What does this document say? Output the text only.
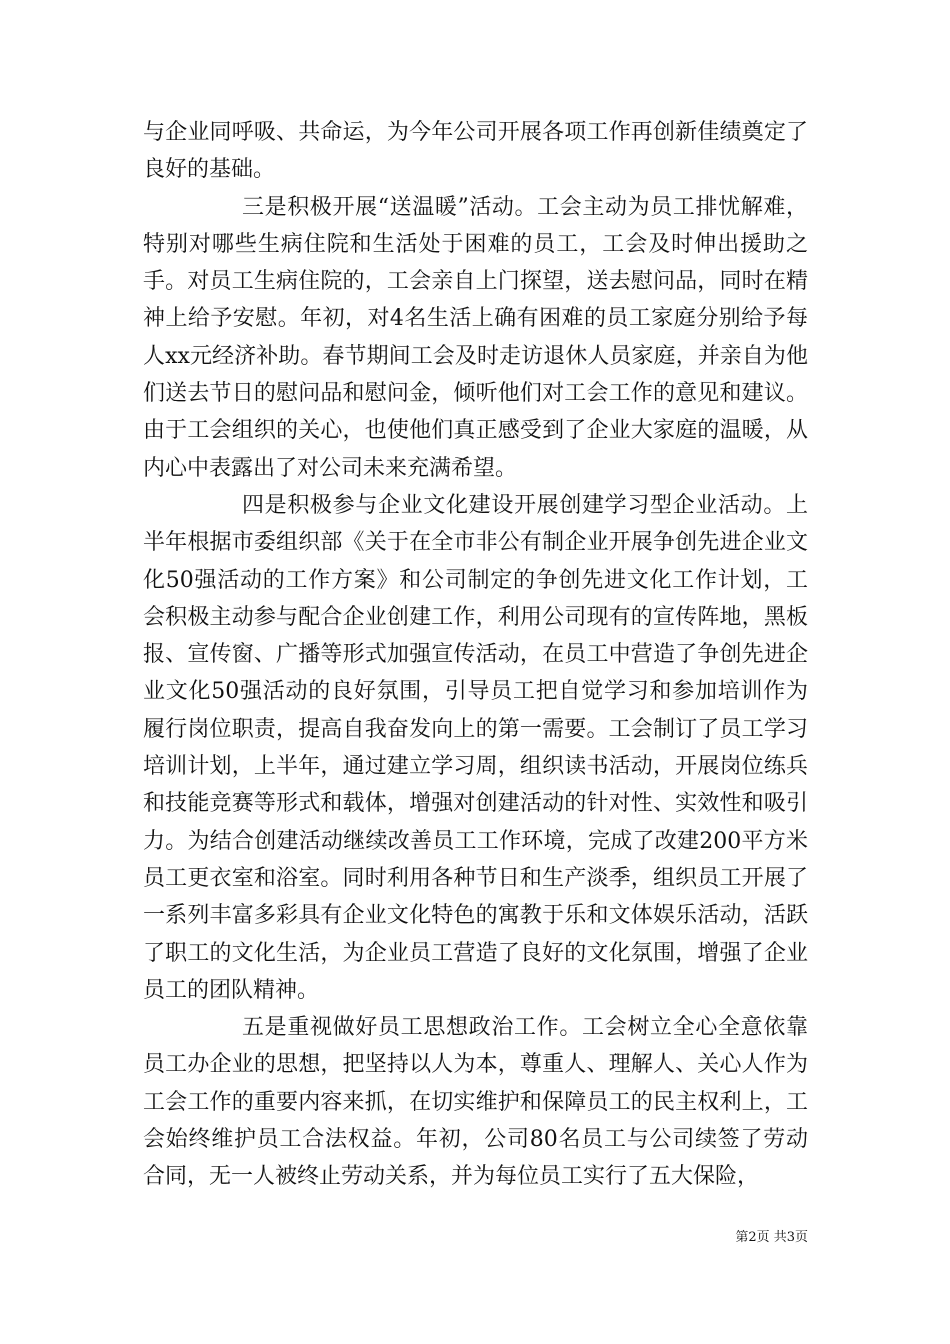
与企业同呼吸、共命运，为今年公司开展各项工作再创新佳绩奠定了良好的基础。

三是积极开展“送温暖”活动。工会主动为员工排忧解难，特别对哪些生病住院和生活处于困难的员工，工会及时伸出援助之手。对员工生病住院的，工会亲自上门探望，送去慰问品，同时在精神上给予安慰。年初，对4名生活上确有困难的员工家庭分别给予每人xx元经济补助。春节期间工会及时走访退休人员家庭，并亲自为他们送去节日的慰问品和慰问金，倾听他们对工会工作的意见和建议。由于工会组织的关心，也使他们真正感受到了企业大家庭的温暖，从内心中表露出了对公司未来充满希望。

四是积极参与企业文化建设开展创建学习型企业活动。上半年根据市委组织部《关于在全市非公有制企业开展争创先进企业文化50强活动的工作方案》和公司制定的争创先进文化工作计划，工会积极主动参与配合企业创建工作，利用公司现有的宣传阵地，黑板报、宣传窗、广播等形式加强宣传活动，在员工中营造了争创先进企业文化50强活动的良好氛围，引导员工把自觉学习和参加培训作为履行岗位职责，提高自我奋发向上的第一需要。工会制订了员工学习培训计划，上半年，通过建立学习周，组织读书活动，开展岗位练兵和技能竞赛等形式和载体，增强对创建活动的针对性、实效性和吸引力。为结合创建活动继续改善员工工作环境，完成了改建200平方米员工更衣室和浴室。同时利用各种节日和生产淡季，组织员工开展了一系列丰富多彩具有企业文化特色的寓教于乐和文体娱乐活动，活跃了职工的文化生活，为企业员工营造了良好的文化氛围，增强了企业员工的团队精神。

五是重视做好员工思想政治工作。工会树立全心全意依靠员工办企业的思想，把坚持以人为本，尊重人、理解人、关心人作为工会工作的重要内容来抓，在切实维护和保障员工的民主权利上，工会始终维护员工合法权益。年初，公司80名员工与公司续签了劳动合同，无一人被终止劳动关系，并为每位员工实行了五大保险，

第2页 共3页
